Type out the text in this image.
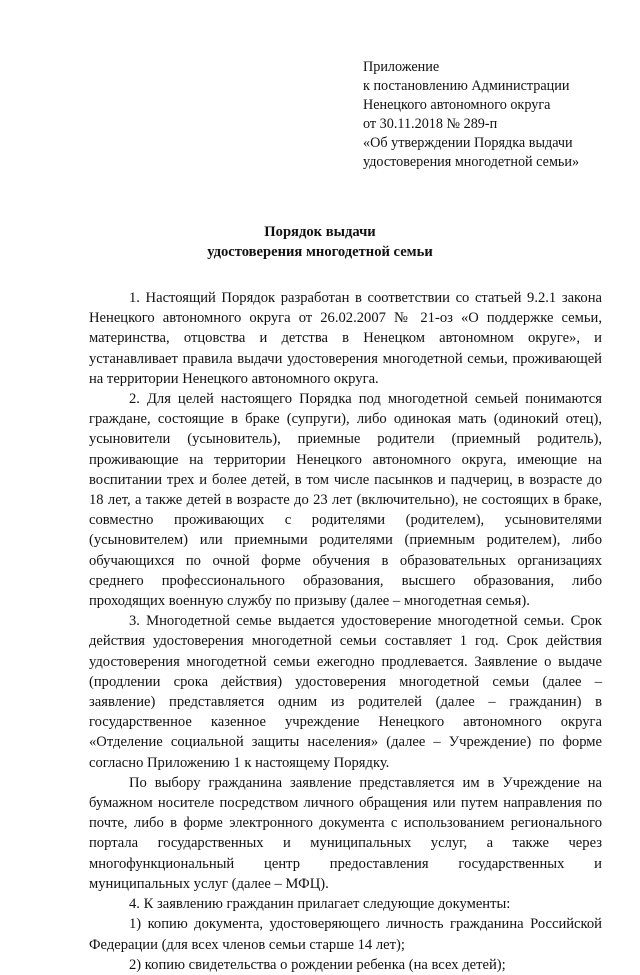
Приложение
к постановлению Администрации
Ненецкого автономного округа
от 30.11.2018 № 289-п
«Об утверждении Порядка выдачи
удостоверения многодетной семьи»
Порядок выдачи
удостоверения многодетной семьи

1. Настоящий Порядок разработан в соответствии со статьей 9.2.1 закона Ненецкого автономного округа от 26.02.2007 № 21-оз «О поддержке семьи, материнства, отцовства и детства в Ненецком автономном округе», и устанавливает правила выдачи удостоверения многодетной семьи, проживающей на территории Ненецкого автономного округа.

2. Для целей настоящего Порядка под многодетной семьей понимаются граждане, состоящие в браке (супруги), либо одинокая мать (одинокий отец), усыновители (усыновитель), приемные родители (приемный родитель), проживающие на территории Ненецкого автономного округа, имеющие на воспитании трех и более детей, в том числе пасынков и падчериц, в возрасте до 18 лет, а также детей в возрасте до 23 лет (включительно), не состоящих в браке, совместно проживающих с родителями (родителем), усыновителями (усыновителем) или приемными родителями (приемным родителем), либо обучающихся по очной форме обучения в образовательных организациях среднего профессионального образования, высшего образования, либо проходящих военную службу по призыву (далее – многодетная семья).

3. Многодетной семье выдается удостоверение многодетной семьи. Срок действия удостоверения многодетной семьи составляет 1 год. Срок действия удостоверения многодетной семьи ежегодно продлевается. Заявление о выдаче (продлении срока действия) удостоверения многодетной семьи (далее – заявление) представляется одним из родителей (далее – гражданин) в государственное казенное учреждение Ненецкого автономного округа «Отделение социальной защиты населения» (далее – Учреждение) по форме согласно Приложению 1 к настоящему Порядку.

По выбору гражданина заявление представляется им в Учреждение на бумажном носителе посредством личного обращения или путем направления по почте, либо в форме электронного документа с использованием регионального портала государственных и муниципальных услуг, а также через многофункциональный центр предоставления государственных и муниципальных услуг (далее – МФЦ).

4. К заявлению гражданин прилагает следующие документы:

1) копию документа, удостоверяющего личность гражданина Российской Федерации (для всех членов семьи старше 14 лет);

2) копию свидетельства о рождении ребенка (на всех детей);
